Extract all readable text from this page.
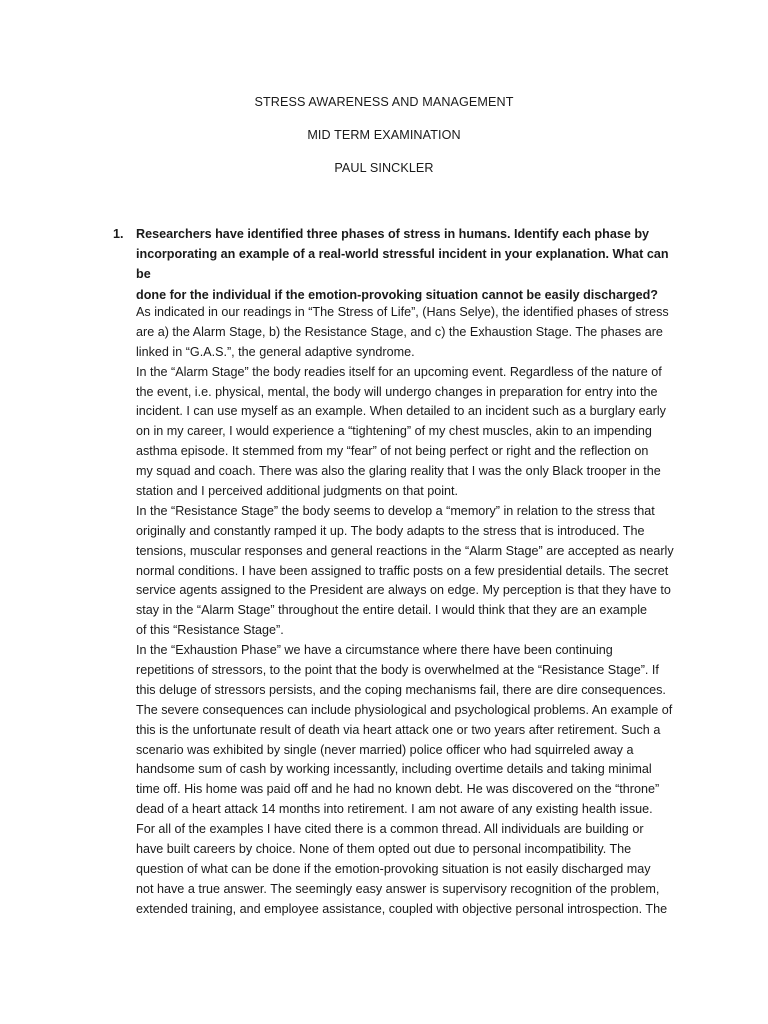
STRESS AWARENESS AND MANAGEMENT
MID TERM EXAMINATION
PAUL SINCKLER
1. Researchers have identified three phases of stress in humans. Identify each phase by
incorporating an example of a real-world stressful incident in your explanation. What can be
done for the individual if the emotion-provoking situation cannot be easily discharged?
As indicated in our readings in “The Stress of Life”, (Hans Selye), the identified phases of stress
are a) the Alarm Stage, b) the Resistance Stage, and c) the Exhaustion Stage. The phases are
linked in “G.A.S.”, the general adaptive syndrome.
In the “Alarm Stage” the body readies itself for an upcoming event. Regardless of the nature of
the event, i.e. physical, mental, the body will undergo changes in preparation for entry into the
incident. I can use myself as an example. When detailed to an incident such as a burglary early
on in my career, I would experience a “tightening” of my chest muscles, akin to an impending
asthma episode. It stemmed from my “fear” of not being perfect or right and the reflection on
my squad and coach. There was also the glaring reality that I was the only Black trooper in the
station and I perceived additional judgments on that point.
In the “Resistance Stage” the body seems to develop a “memory” in relation to the stress that
originally and constantly ramped it up. The body adapts to the stress that is introduced. The
tensions, muscular responses and general reactions in the “Alarm Stage” are accepted as nearly
normal conditions. I have been assigned to traffic posts on a few presidential details. The secret
service agents assigned to the President are always on edge. My perception is that they have to
stay in the “Alarm Stage” throughout the entire detail. I would think that they are an example
of this “Resistance Stage”.
In the “Exhaustion Phase” we have a circumstance where there have been continuing
repetitions of stressors, to the point that the body is overwhelmed at the “Resistance Stage”. If
this deluge of stressors persists, and the coping mechanisms fail, there are dire consequences.
The severe consequences can include physiological and psychological problems. An example of
this is the unfortunate result of death via heart attack one or two years after retirement. Such a
scenario was exhibited by single (never married) police officer who had squirreled away a
handsome sum of cash by working incessantly, including overtime details and taking minimal
time off. His home was paid off and he had no known debt. He was discovered on the “throne”
dead of a heart attack 14 months into retirement. I am not aware of any existing health issue.
For all of the examples I have cited there is a common thread. All individuals are building or
have built careers by choice. None of them opted out due to personal incompatibility. The
question of what can be done if the emotion-provoking situation is not easily discharged may
not have a true answer. The seemingly easy answer is supervisory recognition of the problem,
extended training, and employee assistance, coupled with objective personal introspection. The
